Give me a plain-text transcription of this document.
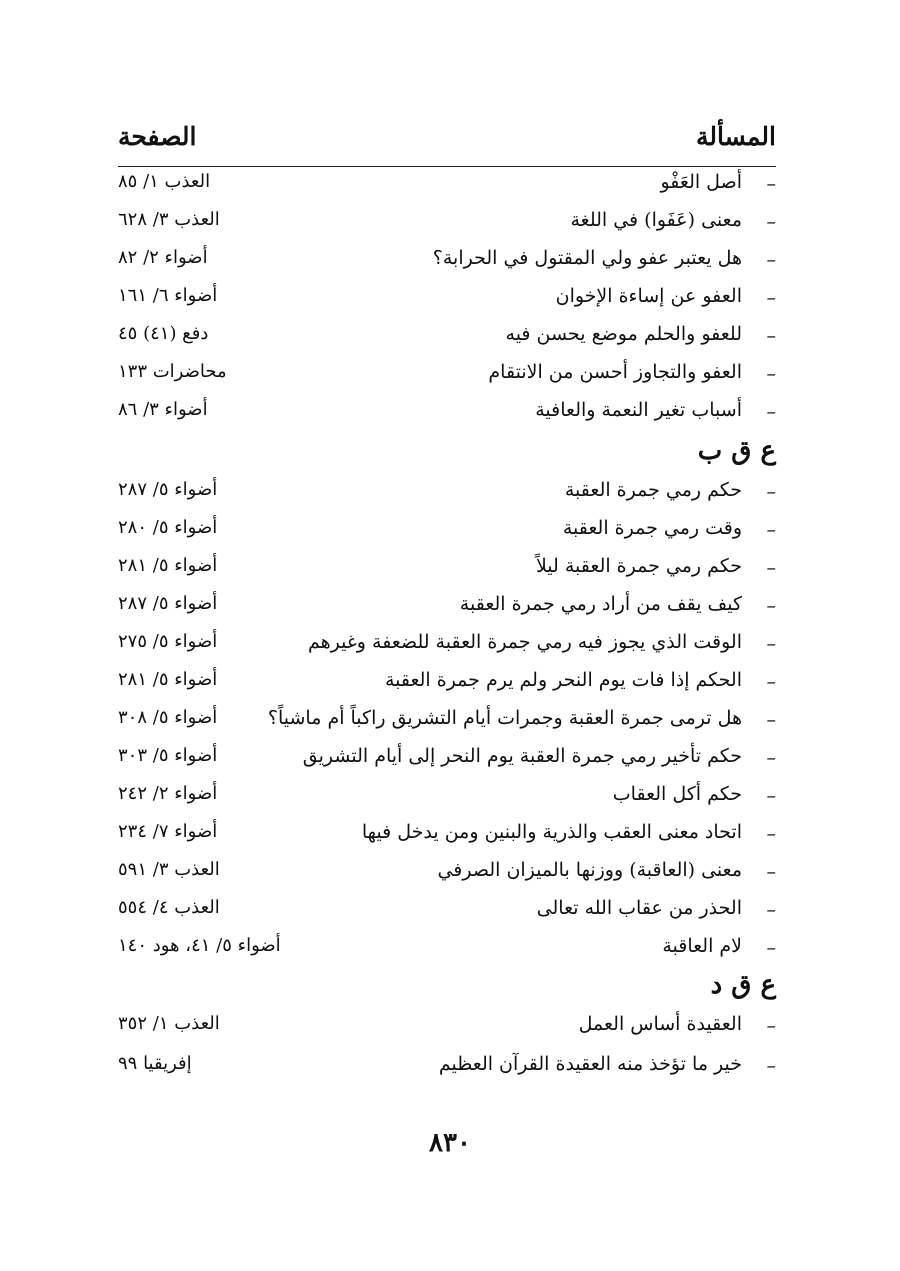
المسألة
الصفحة
–
أصل العَفْو
العذب ١/ ٨٥
–
معنى (عَفَوا) في اللغة
العذب ٣/ ٦٢٨
–
هل يعتبر عفو ولي المقتول في الحرابة؟
أضواء ٢/ ٨٢
–
العفو عن إساءة الإخوان
أضواء ٦/ ١٦١
–
للعفو والحلم موضع يحسن فيه
دفع (٤١) ٤٥
–
العفو والتجاوز أحسن من الانتقام
محاضرات ١٣٣
–
أسباب تغير النعمة والعافية
أضواء ٣/ ٨٦
ع ق ب
–
حكم رمي جمرة العقبة
أضواء ٥/ ٢٨٧
–
وقت رمي جمرة العقبة
أضواء ٥/ ٢٨٠
–
حكم رمي جمرة العقبة ليلاً
أضواء ٥/ ٢٨١
–
كيف يقف من أراد رمي جمرة العقبة
أضواء ٥/ ٢٨٧
–
الوقت الذي يجوز فيه رمي جمرة العقبة للضعفة وغيرهم
أضواء ٥/ ٢٧٥
–
الحكم إذا فات يوم النحر ولم يرم جمرة العقبة
أضواء ٥/ ٢٨١
–
هل ترمى جمرة العقبة وجمرات أيام التشريق راكباً أم ماشياً؟
أضواء ٥/ ٣٠٨
–
حكم تأخير رمي جمرة العقبة يوم النحر إلى أيام التشريق
أضواء ٥/ ٣٠٣
–
حكم أكل العقاب
أضواء ٢/ ٢٤٢
–
اتحاد معنى العقب والذرية والبنين ومن يدخل فيها
أضواء ٧/ ٢٣٤
–
معنى (العاقبة) ووزنها بالميزان الصرفي
العذب ٣/ ٥٩١
–
الحذر من عقاب الله تعالى
العذب ٤/ ٥٥٤
–
لام العاقبة
أضواء ٥/ ٤١، هود ١٤٠
ع ق د
–
العقيدة أساس العمل
العذب ١/ ٣٥٢
–
خير ما تؤخذ منه العقيدة القرآن العظيم
إفريقيا ٩٩
٨٣٠
